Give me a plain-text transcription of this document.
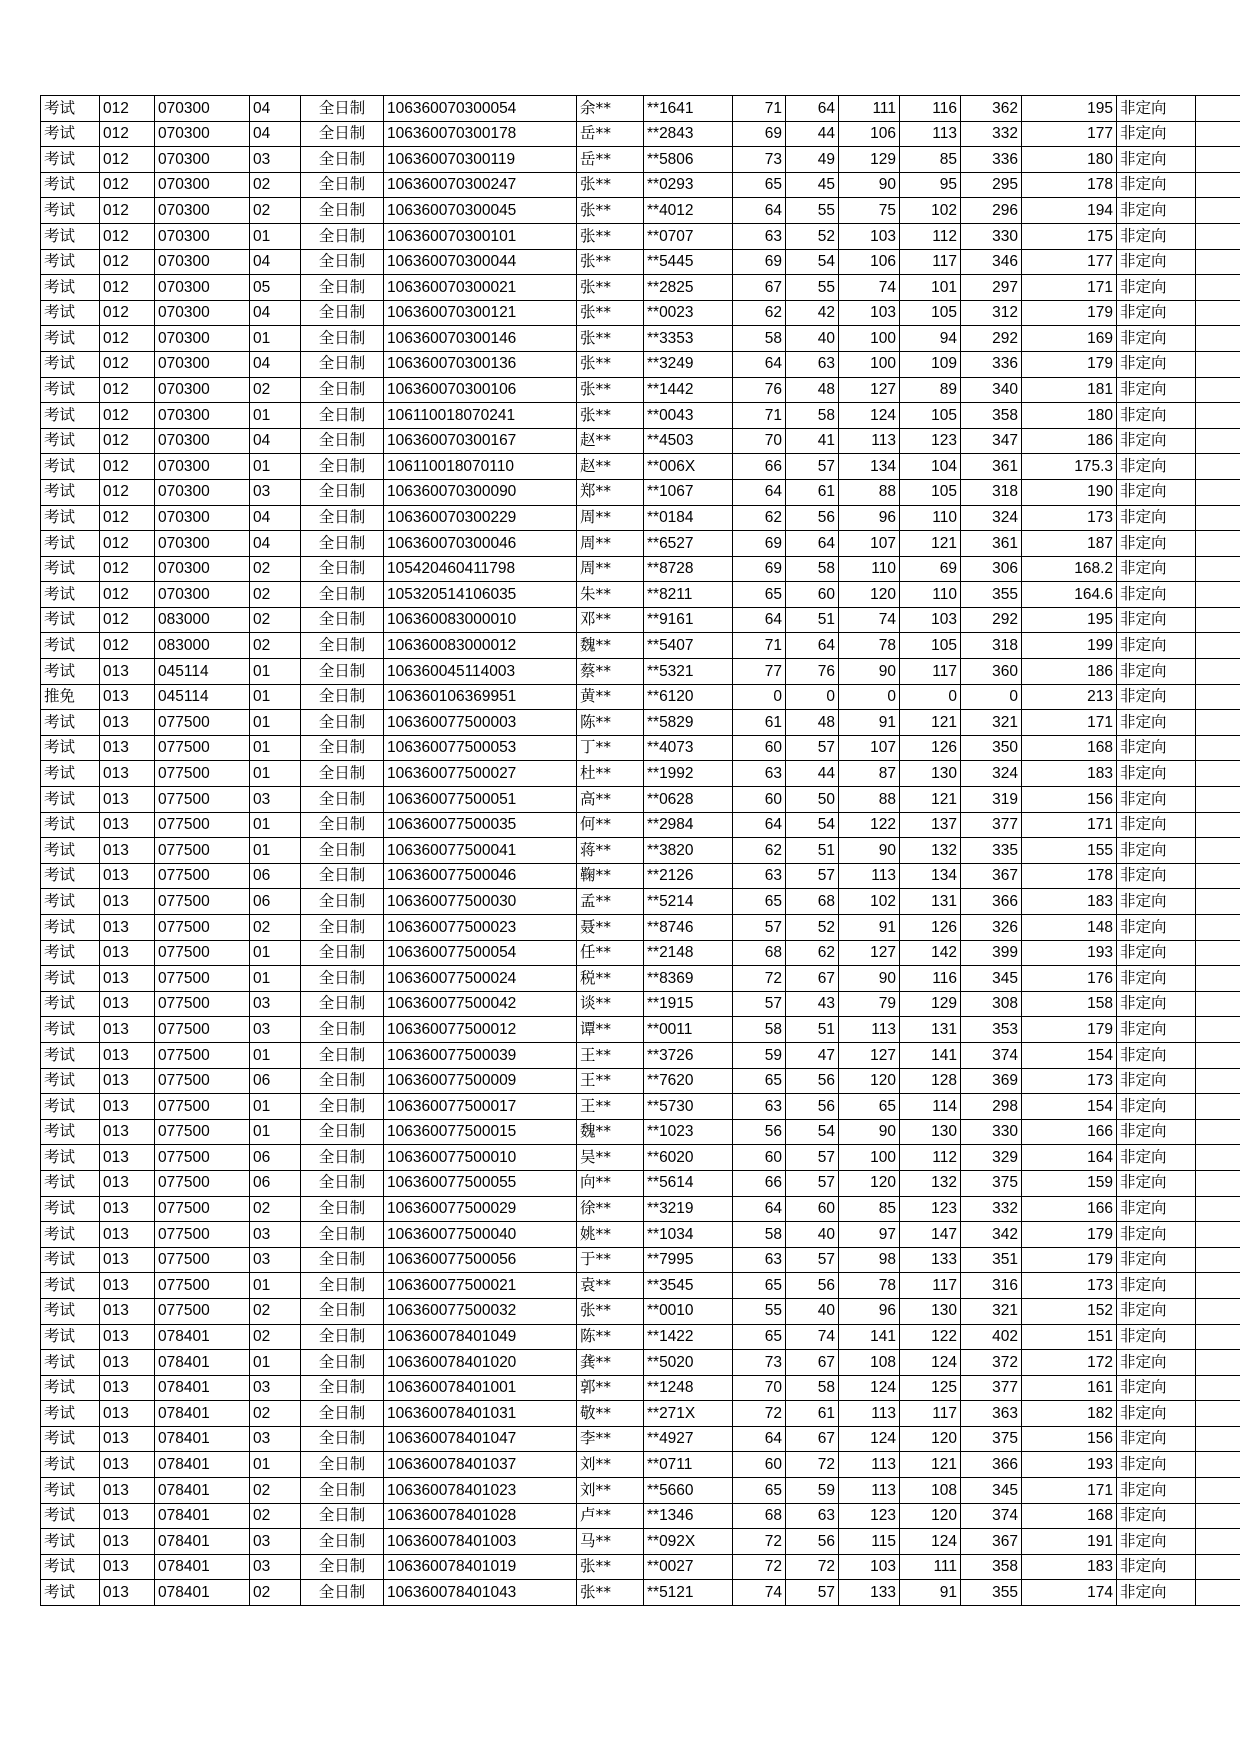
考试	012	070300	04	全日制	106360070300054	余**	**1641	71	64	111	116	362	195	非定向	
考试	012	070300	04	全日制	106360070300178	岳**	**2843	69	44	106	113	332	177	非定向	
考试	012	070300	03	全日制	106360070300119	岳**	**5806	73	49	129	85	336	180	非定向	
考试	012	070300	02	全日制	106360070300247	张**	**0293	65	45	90	95	295	178	非定向	
考试	012	070300	02	全日制	106360070300045	张**	**4012	64	55	75	102	296	194	非定向	
考试	012	070300	01	全日制	106360070300101	张**	**0707	63	52	103	112	330	175	非定向	
考试	012	070300	04	全日制	106360070300044	张**	**5445	69	54	106	117	346	177	非定向	
考试	012	070300	05	全日制	106360070300021	张**	**2825	67	55	74	101	297	171	非定向	
考试	012	070300	04	全日制	106360070300121	张**	**0023	62	42	103	105	312	179	非定向	
考试	012	070300	01	全日制	106360070300146	张**	**3353	58	40	100	94	292	169	非定向	
考试	012	070300	04	全日制	106360070300136	张**	**3249	64	63	100	109	336	179	非定向	
考试	012	070300	02	全日制	106360070300106	张**	**1442	76	48	127	89	340	181	非定向	
考试	012	070300	01	全日制	106110018070241	张**	**0043	71	58	124	105	358	180	非定向	
考试	012	070300	04	全日制	106360070300167	赵**	**4503	70	41	113	123	347	186	非定向	
考试	012	070300	01	全日制	106110018070110	赵**	**006X	66	57	134	104	361	175.3	非定向	
考试	012	070300	03	全日制	106360070300090	郑**	**1067	64	61	88	105	318	190	非定向	
考试	012	070300	04	全日制	106360070300229	周**	**0184	62	56	96	110	324	173	非定向	
考试	012	070300	04	全日制	106360070300046	周**	**6527	69	64	107	121	361	187	非定向	
考试	012	070300	02	全日制	105420460411798	周**	**8728	69	58	110	69	306	168.2	非定向	
考试	012	070300	02	全日制	105320514106035	朱**	**8211	65	60	120	110	355	164.6	非定向	
考试	012	083000	02	全日制	106360083000010	邓**	**9161	64	51	74	103	292	195	非定向	
考试	012	083000	02	全日制	106360083000012	魏**	**5407	71	64	78	105	318	199	非定向	
考试	013	045114	01	全日制	106360045114003	蔡**	**5321	77	76	90	117	360	186	非定向	
推免	013	045114	01	全日制	106360106369951	黄**	**6120	0	0	0	0	0	213	非定向	
考试	013	077500	01	全日制	106360077500003	陈**	**5829	61	48	91	121	321	171	非定向	
考试	013	077500	01	全日制	106360077500053	丁**	**4073	60	57	107	126	350	168	非定向	
考试	013	077500	01	全日制	106360077500027	杜**	**1992	63	44	87	130	324	183	非定向	
考试	013	077500	03	全日制	106360077500051	高**	**0628	60	50	88	121	319	156	非定向	
考试	013	077500	01	全日制	106360077500035	何**	**2984	64	54	122	137	377	171	非定向	
考试	013	077500	01	全日制	106360077500041	蒋**	**3820	62	51	90	132	335	155	非定向	
考试	013	077500	06	全日制	106360077500046	鞠**	**2126	63	57	113	134	367	178	非定向	
考试	013	077500	06	全日制	106360077500030	孟**	**5214	65	68	102	131	366	183	非定向	
考试	013	077500	02	全日制	106360077500023	聂**	**8746	57	52	91	126	326	148	非定向	
考试	013	077500	01	全日制	106360077500054	任**	**2148	68	62	127	142	399	193	非定向	
考试	013	077500	01	全日制	106360077500024	税**	**8369	72	67	90	116	345	176	非定向	
考试	013	077500	03	全日制	106360077500042	谈**	**1915	57	43	79	129	308	158	非定向	
考试	013	077500	03	全日制	106360077500012	谭**	**0011	58	51	113	131	353	179	非定向	
考试	013	077500	01	全日制	106360077500039	王**	**3726	59	47	127	141	374	154	非定向	
考试	013	077500	06	全日制	106360077500009	王**	**7620	65	56	120	128	369	173	非定向	
考试	013	077500	01	全日制	106360077500017	王**	**5730	63	56	65	114	298	154	非定向	
考试	013	077500	01	全日制	106360077500015	魏**	**1023	56	54	90	130	330	166	非定向	
考试	013	077500	06	全日制	106360077500010	吴**	**6020	60	57	100	112	329	164	非定向	
考试	013	077500	06	全日制	106360077500055	向**	**5614	66	57	120	132	375	159	非定向	
考试	013	077500	02	全日制	106360077500029	徐**	**3219	64	60	85	123	332	166	非定向	
考试	013	077500	03	全日制	106360077500040	姚**	**1034	58	40	97	147	342	179	非定向	
考试	013	077500	03	全日制	106360077500056	于**	**7995	63	57	98	133	351	179	非定向	
考试	013	077500	01	全日制	106360077500021	袁**	**3545	65	56	78	117	316	173	非定向	
考试	013	077500	02	全日制	106360077500032	张**	**0010	55	40	96	130	321	152	非定向	
考试	013	078401	02	全日制	106360078401049	陈**	**1422	65	74	141	122	402	151	非定向	
考试	013	078401	01	全日制	106360078401020	龚**	**5020	73	67	108	124	372	172	非定向	
考试	013	078401	03	全日制	106360078401001	郭**	**1248	70	58	124	125	377	161	非定向	
考试	013	078401	02	全日制	106360078401031	敬**	**271X	72	61	113	117	363	182	非定向	
考试	013	078401	03	全日制	106360078401047	李**	**4927	64	67	124	120	375	156	非定向	
考试	013	078401	01	全日制	106360078401037	刘**	**0711	60	72	113	121	366	193	非定向	
考试	013	078401	02	全日制	106360078401023	刘**	**5660	65	59	113	108	345	171	非定向	
考试	013	078401	02	全日制	106360078401028	卢**	**1346	68	63	123	120	374	168	非定向	
考试	013	078401	03	全日制	106360078401003	马**	**092X	72	56	115	124	367	191	非定向	
考试	013	078401	03	全日制	106360078401019	张**	**0027	72	72	103	111	358	183	非定向	
考试	013	078401	02	全日制	106360078401043	张**	**5121	74	57	133	91	355	174	非定向	
